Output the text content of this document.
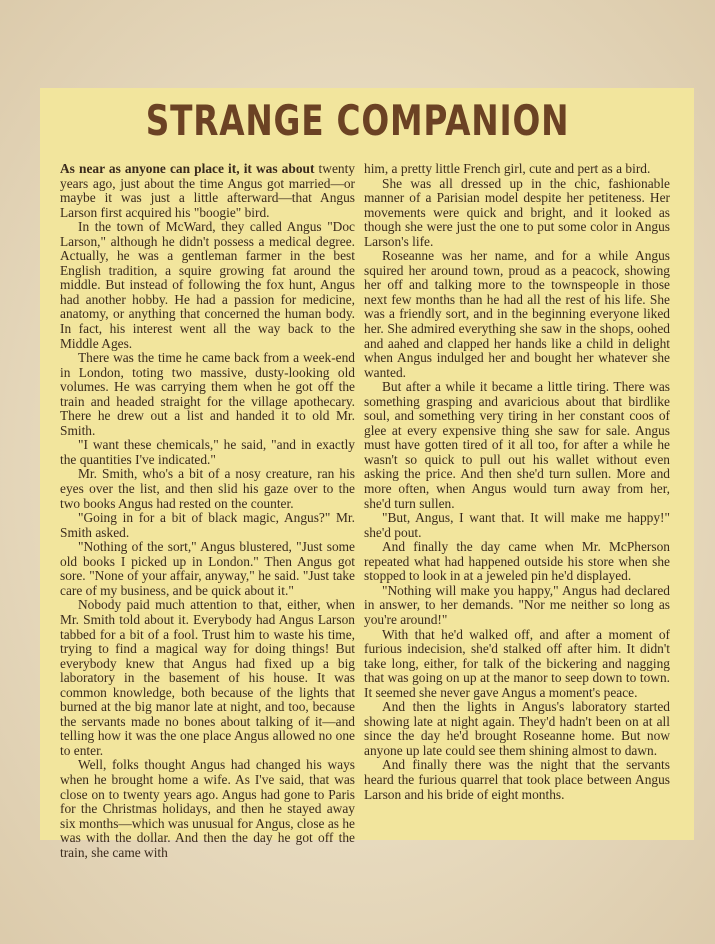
STRANGE COMPANION

As near as anyone can place it, it was about twenty years ago, just about the time Angus got married—or maybe it was just a little afterward—that Angus Larson first acquired his "boogie" bird.

In the town of McWard, they called Angus "Doc Larson," although he didn't possess a medical degree. Actually, he was a gentleman farmer in the best English tradition, a squire growing fat around the middle. But instead of following the fox hunt, Angus had another hobby. He had a passion for medicine, anatomy, or anything that concerned the human body. In fact, his interest went all the way back to the Middle Ages.

There was the time he came back from a week-end in London, toting two massive, dusty-looking old volumes. He was carrying them when he got off the train and headed straight for the village apothecary. There he drew out a list and handed it to old Mr. Smith.

"I want these chemicals," he said, "and in exactly the quantities I've indicated."

Mr. Smith, who's a bit of a nosy creature, ran his eyes over the list, and then slid his gaze over to the two books Angus had rested on the counter.

"Going in for a bit of black magic, Angus?" Mr. Smith asked.

"Nothing of the sort," Angus blustered, "Just some old books I picked up in London." Then Angus got sore. "None of your affair, anyway," he said. "Just take care of my business, and be quick about it."

Nobody paid much attention to that, either, when Mr. Smith told about it. Everybody had Angus Larson tabbed for a bit of a fool. Trust him to waste his time, trying to find a magical way for doing things! But everybody knew that Angus had fixed up a big laboratory in the basement of his house. It was common knowledge, both because of the lights that burned at the big manor late at night, and too, because the servants made no bones about talking of it—and telling how it was the one place Angus allowed no one to enter.

Well, folks thought Angus had changed his ways when he brought home a wife. As I've said, that was close on to twenty years ago. Angus had gone to Paris for the Christmas holidays, and then he stayed away six months—which was unusual for Angus, close as he was with the dollar. And then the day he got off the train, she came with

him, a pretty little French girl, cute and pert as a bird.

She was all dressed up in the chic, fashionable manner of a Parisian model despite her petiteness. Her movements were quick and bright, and it looked as though she were just the one to put some color in Angus Larson's life.

Roseanne was her name, and for a while Angus squired her around town, proud as a peacock, showing her off and talking more to the townspeople in those next few months than he had all the rest of his life. She was a friendly sort, and in the beginning everyone liked her. She admired everything she saw in the shops, oohed and aahed and clapped her hands like a child in delight when Angus indulged her and bought her whatever she wanted.

But after a while it became a little tiring. There was something grasping and avaricious about that birdlike soul, and something very tiring in her constant coos of glee at every expensive thing she saw for sale. Angus must have gotten tired of it all too, for after a while he wasn't so quick to pull out his wallet without even asking the price. And then she'd turn sullen. More and more often, when Angus would turn away from her, she'd turn sullen.

"But, Angus, I want that. It will make me happy!" she'd pout.

And finally the day came when Mr. McPherson repeated what had happened outside his store when she stopped to look in at a jeweled pin he'd displayed.

"Nothing will make you happy," Angus had declared in answer, to her demands. "Nor me neither so long as you're around!"

With that he'd walked off, and after a moment of furious indecision, she'd stalked off after him. It didn't take long, either, for talk of the bickering and nagging that was going on up at the manor to seep down to town. It seemed she never gave Angus a moment's peace.

And then the lights in Angus's laboratory started showing late at night again. They'd hadn't been on at all since the day he'd brought Roseanne home. But now anyone up late could see them shining almost to dawn.

And finally there was the night that the servants heard the furious quarrel that took place between Angus Larson and his bride of eight months.
